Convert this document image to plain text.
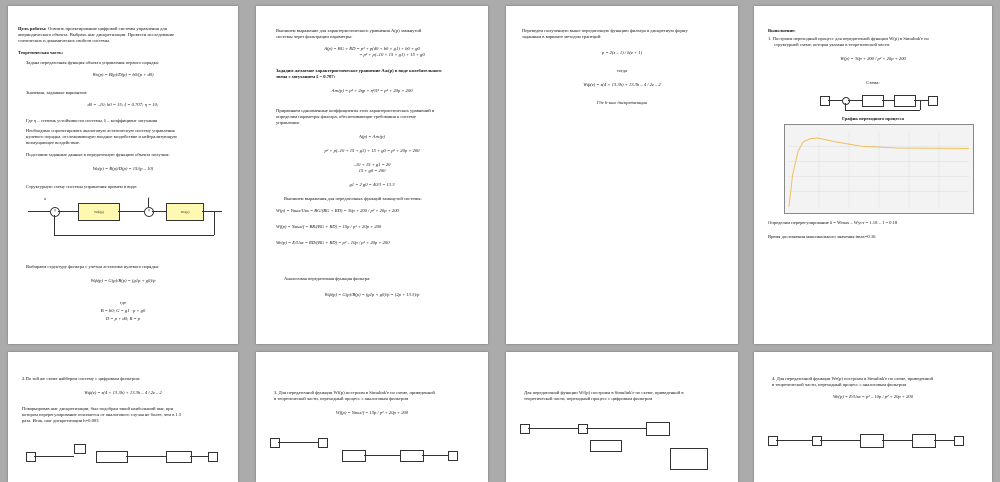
Цель работы: Освоить проектирование цифровой системы управления для
апериодического объекта. Выбрать шаг дискретизации. Провести исследование
статических и динамических свойств системы.
Теоретическая часть:
Задана передаточная функция объекта управления первого порядка:
Wo(p) = B(p)/D(p) = b0/(p + d0)
Значения, заданные вариантом:
d0 = –10; b0 = 15; ξ = 0.707; η = 10;
Где η – степень устойчивости системы, ξ – коэффициент затухания
Необходимо спроектировать аналоговую астатическую систему управления
нулевого порядка, отслеживающую входное воздействие и нейтрализующую
возмущающее воздействие.
Подставим заданные данные в передаточную функцию объекта получим:
Wo(p) = B(p)/D(p) = 15/(p – 10)
Структурную схему системы управления примем в виде:
u
×	Wф(p)	×	Wo(p)
Выбираем структуру фильтра с учетом астатизма нулевого порядка:
Wф(p) = G(p)/B(p) = (g1p + g0)/p
где
B = b0; G = g1 · p + g0
D = p + d0; R = p
Выпишем выражение для характеристического уравнения A(p) замкнутой
системы через фильтрации параметры:
A(p) = BG + RD = p² + p(d0 + b0 + g1) + b0 + g0
= p² + p(–10 + 15 + g1) + 15 + g0
Зададим желаемое характеристическое уравнение Aж(p) в виде колебательного
звена с затуханием ξ = 0.707:
Aж(p) = p² + 2ηp + η²/ξ² = p² + 20p + 200
Приравняем одноименные коэффициенты этих характеристических уравнений и
определим параметры фильтра, обеспечивающие требования к системе
управления:
A(p) = Aж(p)
p² + p(–10 + 15 + g1) + 15 + g0 = p² + 20p + 200
–10 + 15 + g1 = 20
15 + g0 = 200
g1 = 2 g0 = 40/3 = 13.3
Выпишем выражения для передаточных функций замкнутой системы:
W(p) = Yвых/Uвх = BG/(BG + RD) = 30p + 200 / p² + 20p + 200
Wf(p) = Yвых/f = BR/(BG + RD) = 15p / p² + 20p + 200
We(p) = E/Uвх = RD/(BG + RD) = p² – 10p / p² + 20p + 200
Аналоговая передаточная функция фильтра:
Wф(p) = G(p)/B(p) = (g1p + g0)/p = (2p + 13.3)/p
Переведем полученную выше передаточную функцию фильтра в дискретную форму
заданным в варианте методом трапеций:
p = 2(z – 1) / h(z + 1)
тогда
Wф(z) = z(4 + 13.3h) + 13.3h – 4 / 2z – 2
Где h-шаг дискретизации
Выполнение:
1. Построим переходный процесс для передаточной функции W(p) в Simulink'е по
структурной схеме, которая указана в теоретической части.
W(p) = 30p + 200 / p² + 20p + 200
Схема:
График переходного процесса
Определим перерегулирование δ = Wmax – Wуст = 1.18 – 1 = 0.18
Время достижения максимального значения tmax=0.16
2.По той же схеме найберем систему с цифровым фильтром.
Wф(z) = z(4 + 13.3h) + 13.3h – 4 / 2z – 2
Поварьировав шаг дискретизации, был подобран такой наибольший шаг, при
котором перерегулирование отличается от аналогового случая не более, чем в 1.5
раза. Итак, шаг дискретизации h=0.003
3. Для передаточной функции Wf(p) построим в Simulink'е по схеме, приведенной
в теоретической части, переходный процесс с аналоговым фильтром
Wf(p) = Yвых/f = 15p / p² + 20p + 200
Для передаточной функции Wf(p) построим в Simulink'е по схеме, приведенной в
теоретической части, переходный процесс с цифровым фильтром
4. Для передаточной функции We(p) построим в Simulink'е по схеме, приведенной
в теоретической части, переходный процесс с аналоговым фильтром
We(p) = E/Uвх = p² – 10p / p² + 20p + 200
